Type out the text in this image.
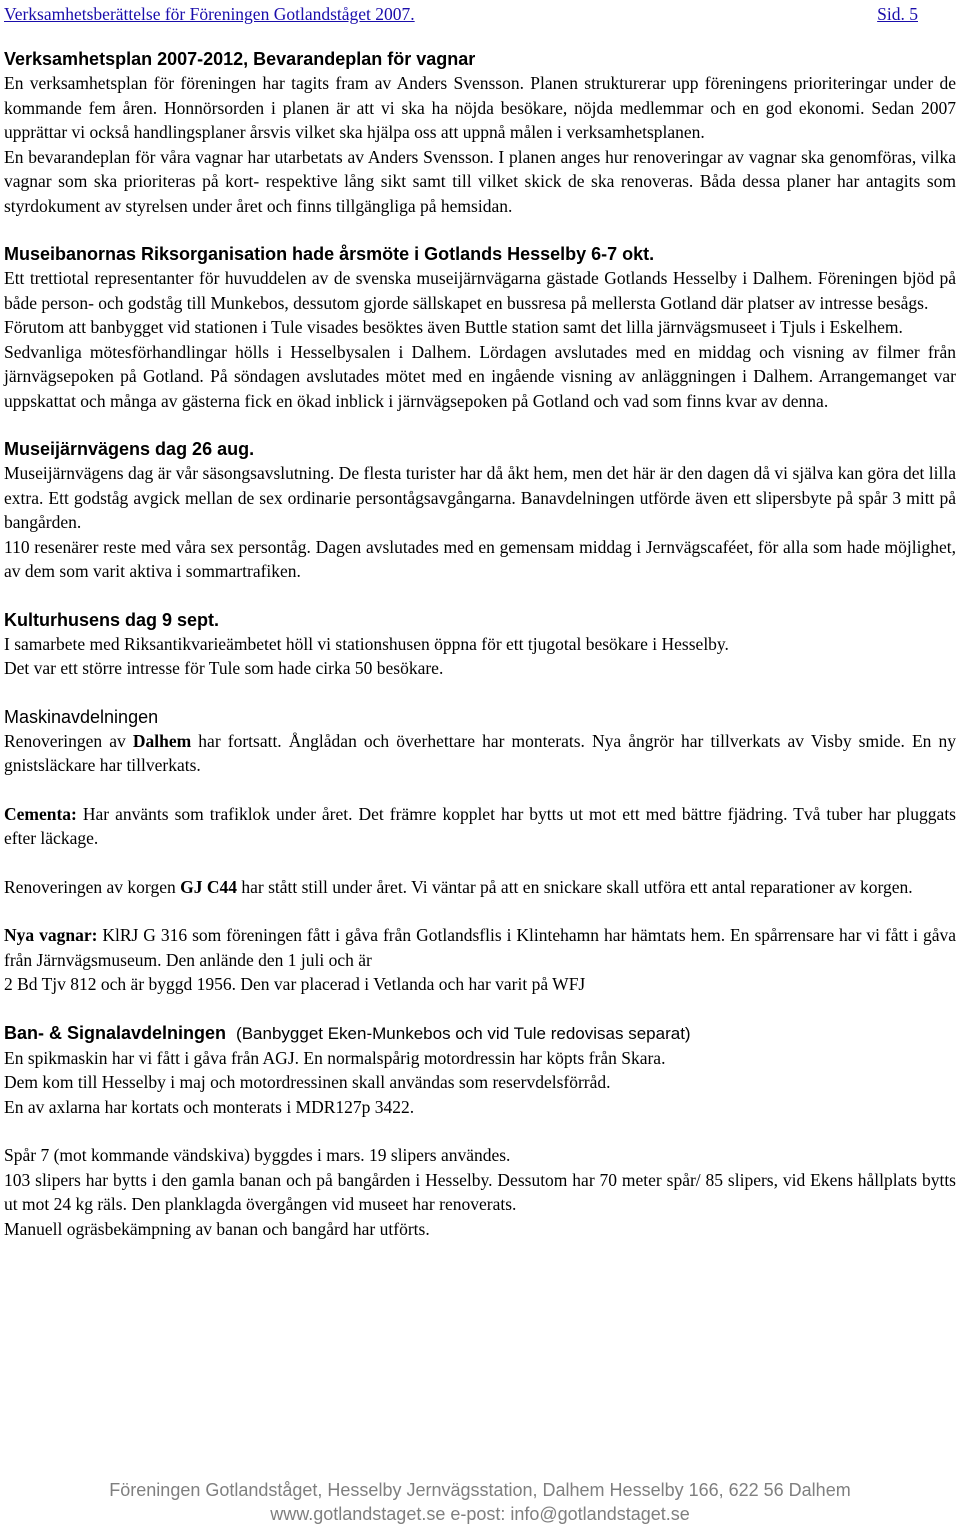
Verksamhetsberättelse för Föreningen Gotlandståget 2007.	Sid. 5
Verksamhetsplan 2007-2012, Bevarandeplan för vagnar

En verksamhetsplan för föreningen har tagits fram av Anders Svensson. Planen strukturerar upp föreningens prioriteringar under de kommande fem åren. Honnörsorden i planen är att vi ska ha nöjda besökare, nöjda medlemmar och en god ekonomi. Sedan 2007 upprättar vi också handlingsplaner årsvis vilket ska hjälpa oss att uppnå målen i verksamhetsplanen.

En bevarandeplan för våra vagnar har utarbetats av Anders Svensson. I planen anges hur renoveringar av vagnar ska genomföras, vilka vagnar som ska prioriteras på kort- respektive lång sikt samt till vilket skick de ska renoveras. Båda dessa planer har antagits som styrdokument av styrelsen under året och finns tillgängliga på hemsidan.

Museibanornas Riksorganisation hade årsmöte i Gotlands Hesselby 6-7 okt.

Ett trettiotal representanter för huvuddelen av de svenska museijärnvägarna gästade Gotlands Hesselby i Dalhem. Föreningen bjöd på både person- och godståg till Munkebos, dessutom gjorde sällskapet en bussresa på mellersta Gotland där platser av intresse besågs.

Förutom att banbygget vid stationen i Tule visades besöktes även Buttle station samt det lilla järnvägsmuseet i Tjuls i Eskelhem.

Sedvanliga mötesförhandlingar hölls i Hesselbysalen i Dalhem. Lördagen avslutades med en middag och visning av filmer från järnvägsepoken på Gotland. På söndagen avslutades mötet med en ingående visning av anläggningen i Dalhem. Arrangemanget var uppskattat och många av gästerna fick en ökad inblick i järnvägsepoken på Gotland och vad som finns kvar av denna.

Museijärnvägens dag 26 aug.

Museijärnvägens dag är vår säsongsavslutning. De flesta turister har då åkt hem, men det här är den dagen då vi själva kan göra det lilla extra. Ett godståg avgick mellan de sex ordinarie persontågsavgångarna. Banavdelningen utförde även ett slipersbyte på spår 3 mitt på bangården.

110 resenärer reste med våra sex persontåg. Dagen avslutades med en gemensam middag i Jernvägscaféet, för alla som hade möjlighet, av dem som varit aktiva i sommartrafiken.

Kulturhusens dag 9 sept.

I samarbete med Riksantikvarieämbetet höll vi stationshusen öppna för ett tjugotal besökare i Hesselby.

Det var ett större intresse för Tule som hade cirka 50 besökare.

Maskinavdelningen

Renoveringen av Dalhem har fortsatt. Ånglådan och överhettare har monterats. Nya ångrör har tillverkats av Visby smide. En ny gnistsläckare har tillverkats.

Cementa: Har använts som trafiklok under året. Det främre kopplet har bytts ut mot ett med bättre fjädring. Två tuber har pluggats efter läckage.

Renoveringen av korgen GJ C44 har stått still under året. Vi väntar på att en snickare skall utföra ett antal reparationer av korgen.

Nya vagnar: KlRJ G 316 som föreningen fått i gåva från Gotlandsflis i Klintehamn har hämtats hem. En spårrensare har vi fått i gåva från Järnvägsmuseum. Den anlände den 1 juli och är

2 Bd Tjv 812 och är byggd 1956. Den var placerad i Vetlanda och har varit på WFJ

Ban- & Signalavdelningen (Banbygget Eken-Munkebos och vid Tule redovisas separat)

En spikmaskin har vi fått i gåva från AGJ. En normalspårig motordressin har köpts från Skara.

Dem kom till Hesselby i maj och motordressinen skall användas som reservdelsförråd.

En av axlarna har kortats och monterats i MDR127p 3422.

Spår 7 (mot kommande vändskiva) byggdes i mars. 19 slipers användes.

103 slipers har bytts i den gamla banan och på bangården i Hesselby. Dessutom har 70 meter spår/ 85 slipers, vid Ekens hållplats bytts ut mot 24 kg räls. Den planklagda övergången vid museet har renoverats.

Manuell ogräsbekämpning av banan och bangård har utförts.

Föreningen Gotlandståget, Hesselby Jernvägsstation, Dalhem Hesselby 166, 622 56 Dalhem
www.gotlandstaget.se e-post: info@gotlandstaget.se
